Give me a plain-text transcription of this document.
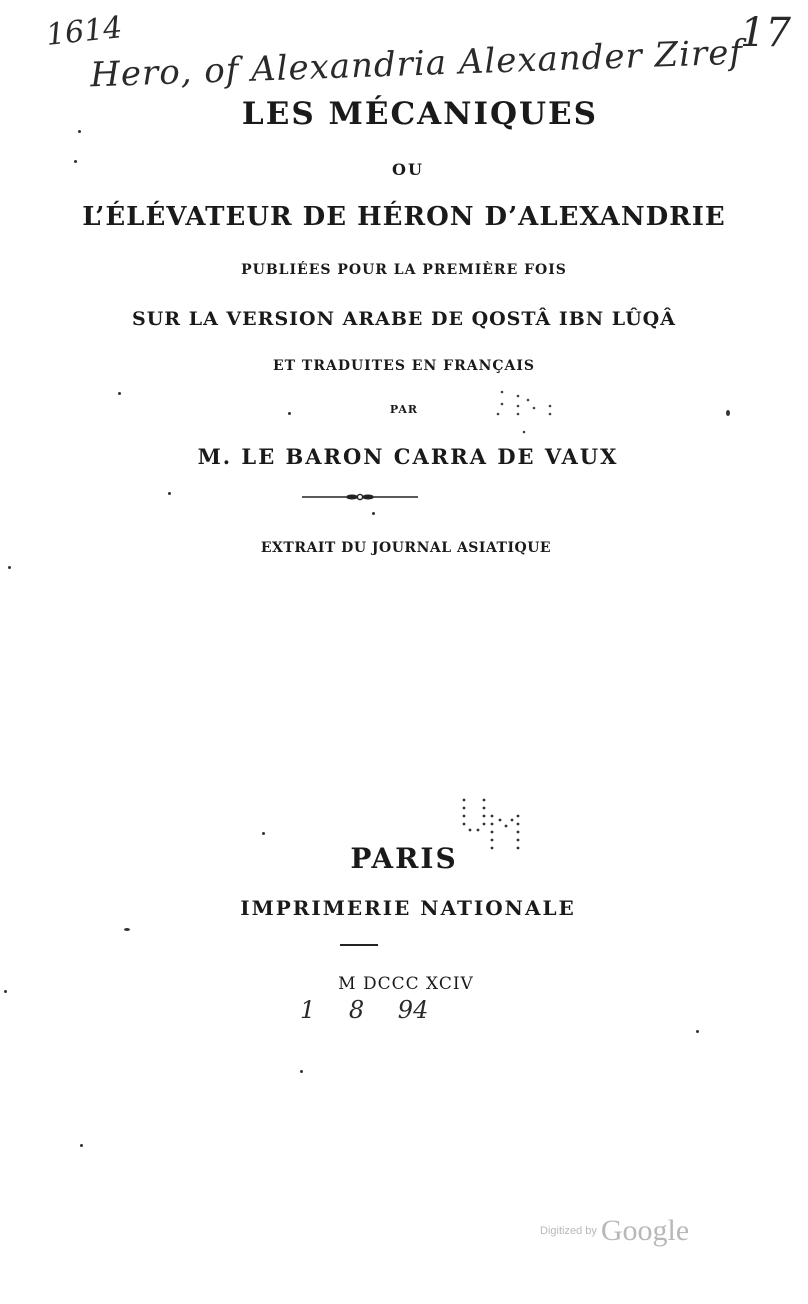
1614	17
Hero, of Alexandria Alexander Ziref
1 8 94
LES MÉCANIQUES
OU
L’ÉLÉVATEUR DE HÉRON D’ALEXANDRIE
PUBLIÉES POUR LA PREMIÈRE FOIS
SUR LA VERSION ARABE DE QOSTÂ IBN LÛQÂ
ET TRADUITES EN FRANÇAIS
PAR
M. LE BARON CARRA DE VAUX
EXTRAIT DU JOURNAL ASIATIQUE
PARIS
IMPRIMERIE NATIONALE
M DCCC XCIV
Digitized by Google
